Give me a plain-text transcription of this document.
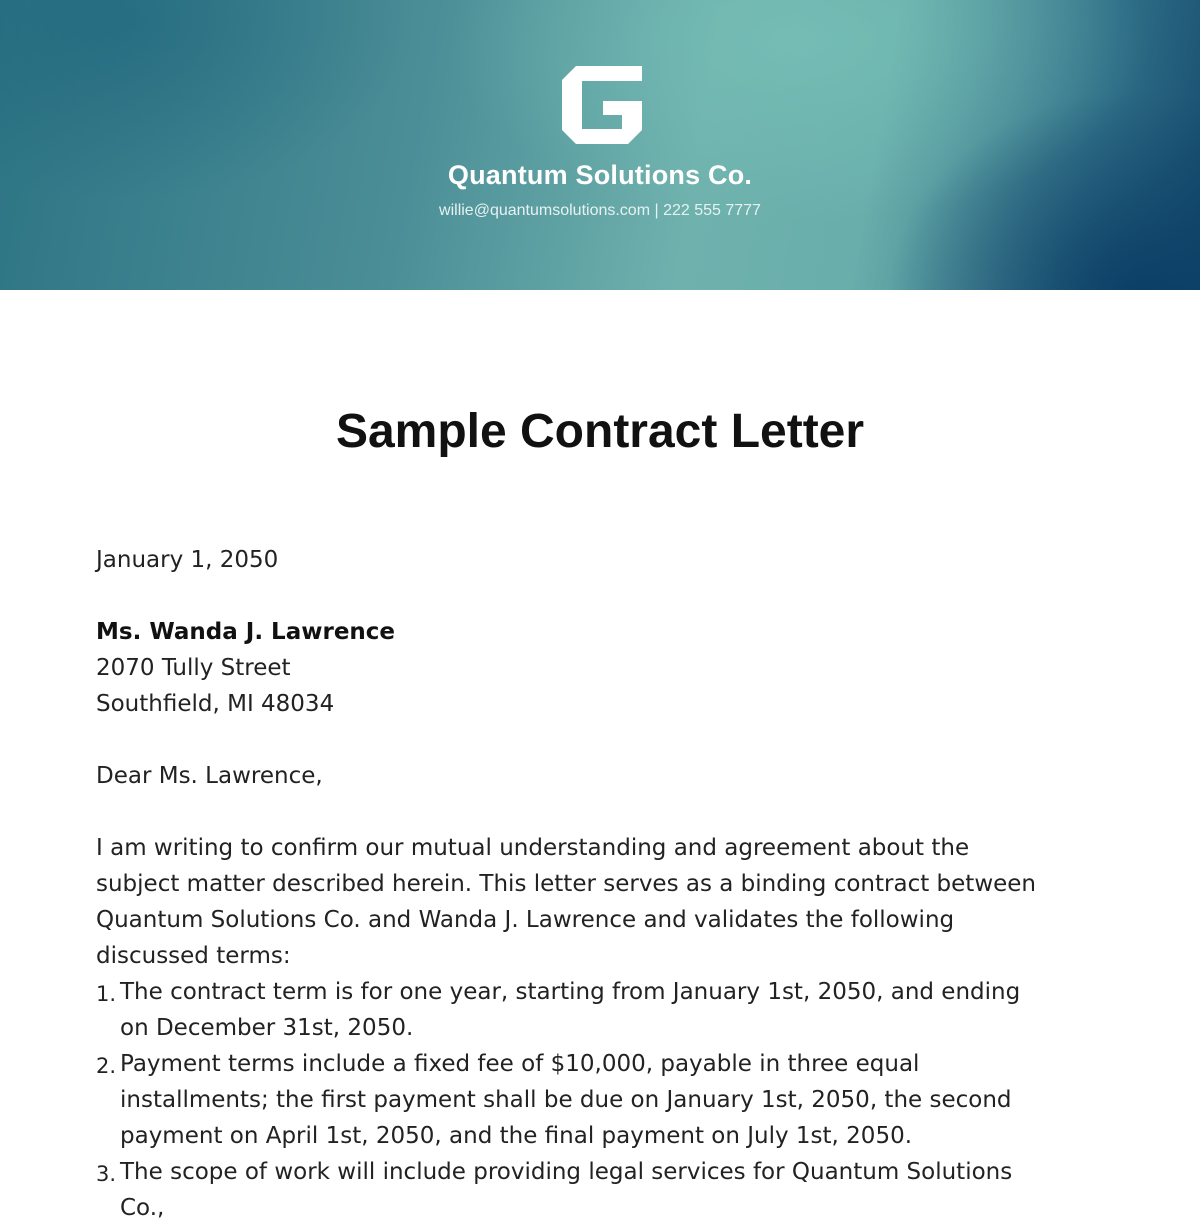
Quantum Solutions Co.
willie@quantumsolutions.com | 222 555 7777
Sample Contract Letter
January 1, 2050
Ms. Wanda J. Lawrence
2070 Tully Street
Southfield, MI 48034
Dear Ms. Lawrence,
I am writing to confirm our mutual understanding and agreement about the subject matter described herein. This letter serves as a binding contract between Quantum Solutions Co. and Wanda J. Lawrence and validates the following discussed terms:
1. The contract term is for one year, starting from January 1st, 2050, and ending on December 31st, 2050.
2. Payment terms include a fixed fee of $10,000, payable in three equal installments; the first payment shall be due on January 1st, 2050, the second payment on April 1st, 2050, and the final payment on July 1st, 2050.
3. The scope of work will include providing legal services for Quantum Solutions Co.,
